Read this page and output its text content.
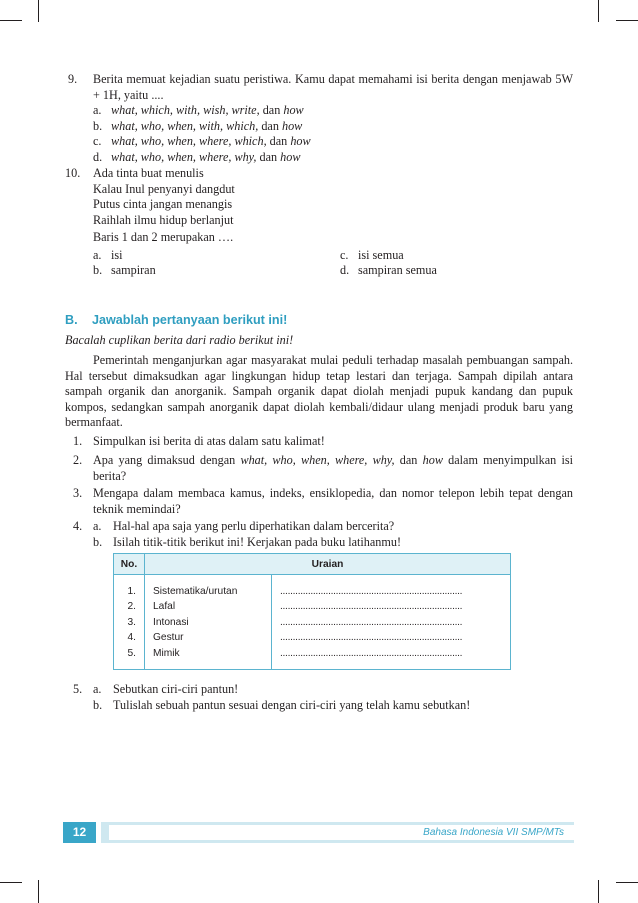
9. Berita memuat kejadian suatu peristiwa. Kamu dapat memahami isi berita dengan menjawab 5W + 1H, yaitu ....
a. what, which, with, wish, write, dan how
b. what, who, when, with, which, dan how
c. what, who, when, where, which, dan how
d. what, who, when, where, why, dan how
10. Ada tinta buat menulis
Kalau Inul penyanyi dangdut
Putus cinta jangan menangis
Raihlah ilmu hidup berlanjut
Baris 1 dan 2 merupakan ….
a. isi
b. sampiran
c. isi semua
d. sampiran semua
B. Jawablah pertanyaan berikut ini!
Bacalah cuplikan berita dari radio berikut ini!
Pemerintah menganjurkan agar masyarakat mulai peduli terhadap masalah pembuangan sampah. Hal tersebut dimaksudkan agar lingkungan hidup tetap lestari dan terjaga. Sampah dipilah antara sampah organik dan anorganik. Sampah organik dapat diolah menjadi pupuk kandang dan pupuk kompos, sedangkan sampah anorganik dapat diolah kembali/didaur ulang menjadi produk baru yang bermanfaat.
1. Simpulkan isi berita di atas dalam satu kalimat!
2. Apa yang dimaksud dengan what, who, when, where, why, dan how dalam menyimpulkan isi berita?
3. Mengapa dalam membaca kamus, indeks, ensiklopedia, dan nomor telepon lebih tepat dengan teknik memindai?
4. a. Hal-hal apa saja yang perlu diperhatikan dalam bercerita?
b. Isilah titik-titik berikut ini! Kerjakan pada buku latihanmu!
No.	Uraian	
1.	Sistematika/urutan	........................................................................
2.	Lafal	........................................................................
3.	Intonasi	........................................................................
4.	Gestur	........................................................................
5.	Mimik	........................................................................
5. a. Sebutkan ciri-ciri pantun!
b. Tulislah sebuah pantun sesuai dengan ciri-ciri yang telah kamu sebutkan!
12	Bahasa Indonesia VII SMP/MTs
